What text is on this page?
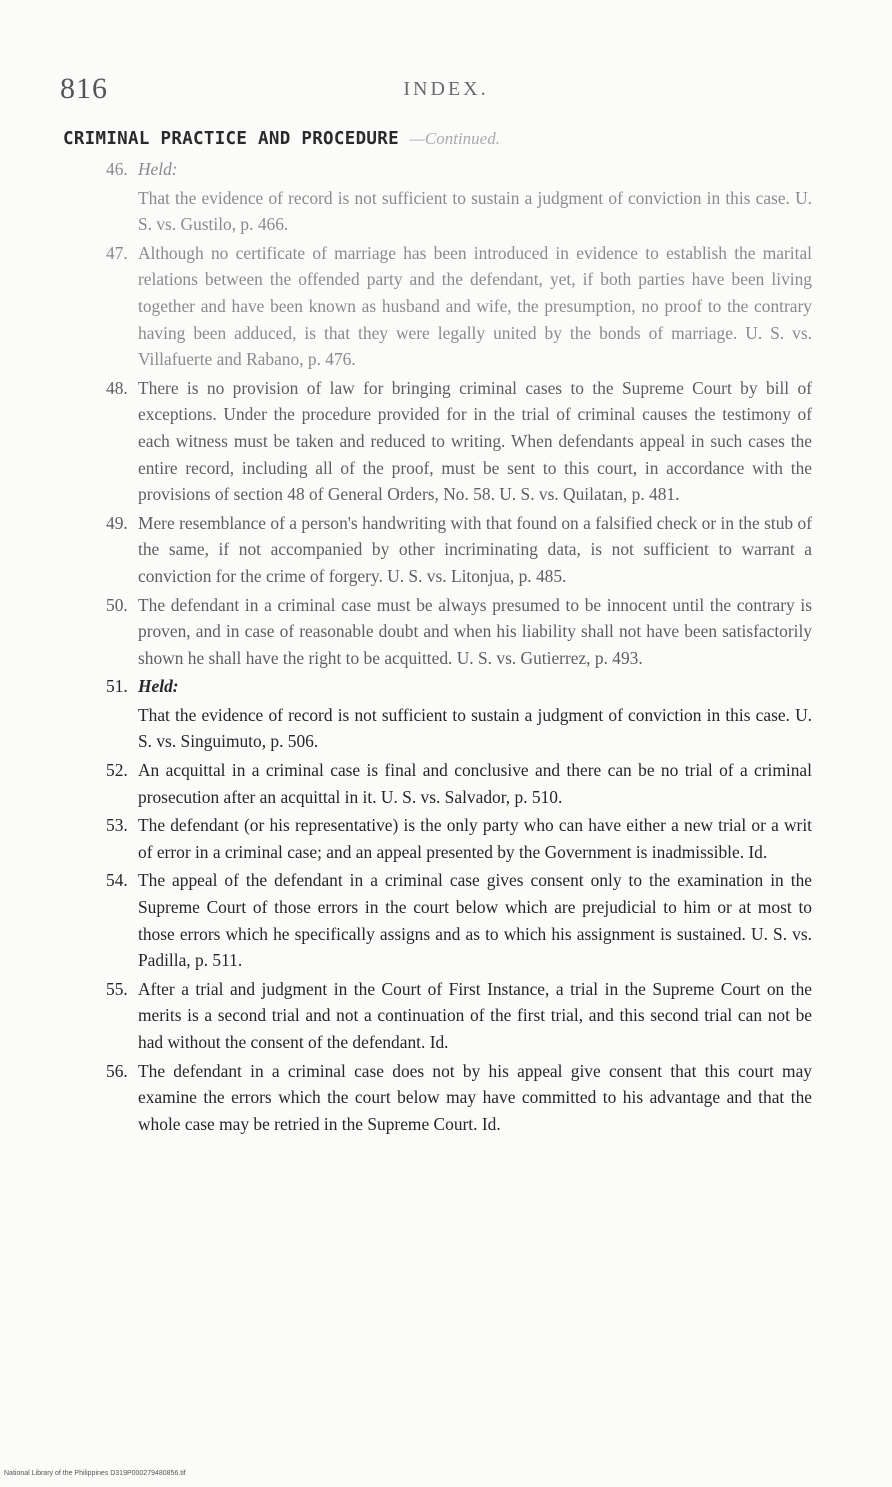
816	INDEX.
CRIMINAL PRACTICE AND PROCEDURE —Continued.
46. Held:
That the evidence of record is not sufficient to sustain a judgment of conviction in this case. U. S. vs. Gustilo, p. 466.
47. Although no certificate of marriage has been introduced in evidence to establish the marital relations between the offended party and the defendant, yet, if both parties have been living together and have been known as husband and wife, the presumption, no proof to the contrary having been adduced, is that they were legally united by the bonds of marriage. U. S. vs. Villafuerte and Rabano, p. 476.
48. There is no provision of law for bringing criminal cases to the Supreme Court by bill of exceptions. Under the procedure provided for in the trial of criminal causes the testimony of each witness must be taken and reduced to writing. When defendants appeal in such cases the entire record, including all of the proof, must be sent to this court, in accordance with the provisions of section 48 of General Orders, No. 58. U. S. vs. Quilatan, p. 481.
49. Mere resemblance of a person's handwriting with that found on a falsified check or in the stub of the same, if not accompanied by other incriminating data, is not sufficient to warrant a conviction for the crime of forgery. U. S. vs. Litonjua, p. 485.
50. The defendant in a criminal case must be always presumed to be innocent until the contrary is proven, and in case of reasonable doubt and when his liability shall not have been satisfactorily shown he shall have the right to be acquitted. U. S. vs. Gutierrez, p. 493.
51. Held:
That the evidence of record is not sufficient to sustain a judgment of conviction in this case. U. S. vs. Singuimuto, p. 506.
52. An acquittal in a criminal case is final and conclusive and there can be no trial of a criminal prosecution after an acquittal in it. U. S. vs. Salvador, p. 510.
53. The defendant (or his representative) is the only party who can have either a new trial or a writ of error in a criminal case; and an appeal presented by the Government is inadmissible. Id.
54. The appeal of the defendant in a criminal case gives consent only to the examination in the Supreme Court of those errors in the court below which are prejudicial to him or at most to those errors which he specifically assigns and as to which his assignment is sustained. U. S. vs. Padilla, p. 511.
55. After a trial and judgment in the Court of First Instance, a trial in the Supreme Court on the merits is a second trial and not a continuation of the first trial, and this second trial can not be had without the consent of the defendant. Id.
56. The defendant in a criminal case does not by his appeal give consent that this court may examine the errors which the court below may have committed to his advantage and that the whole case may be retried in the Supreme Court. Id.
National Library of the Philippines D319P000279480856.tif
